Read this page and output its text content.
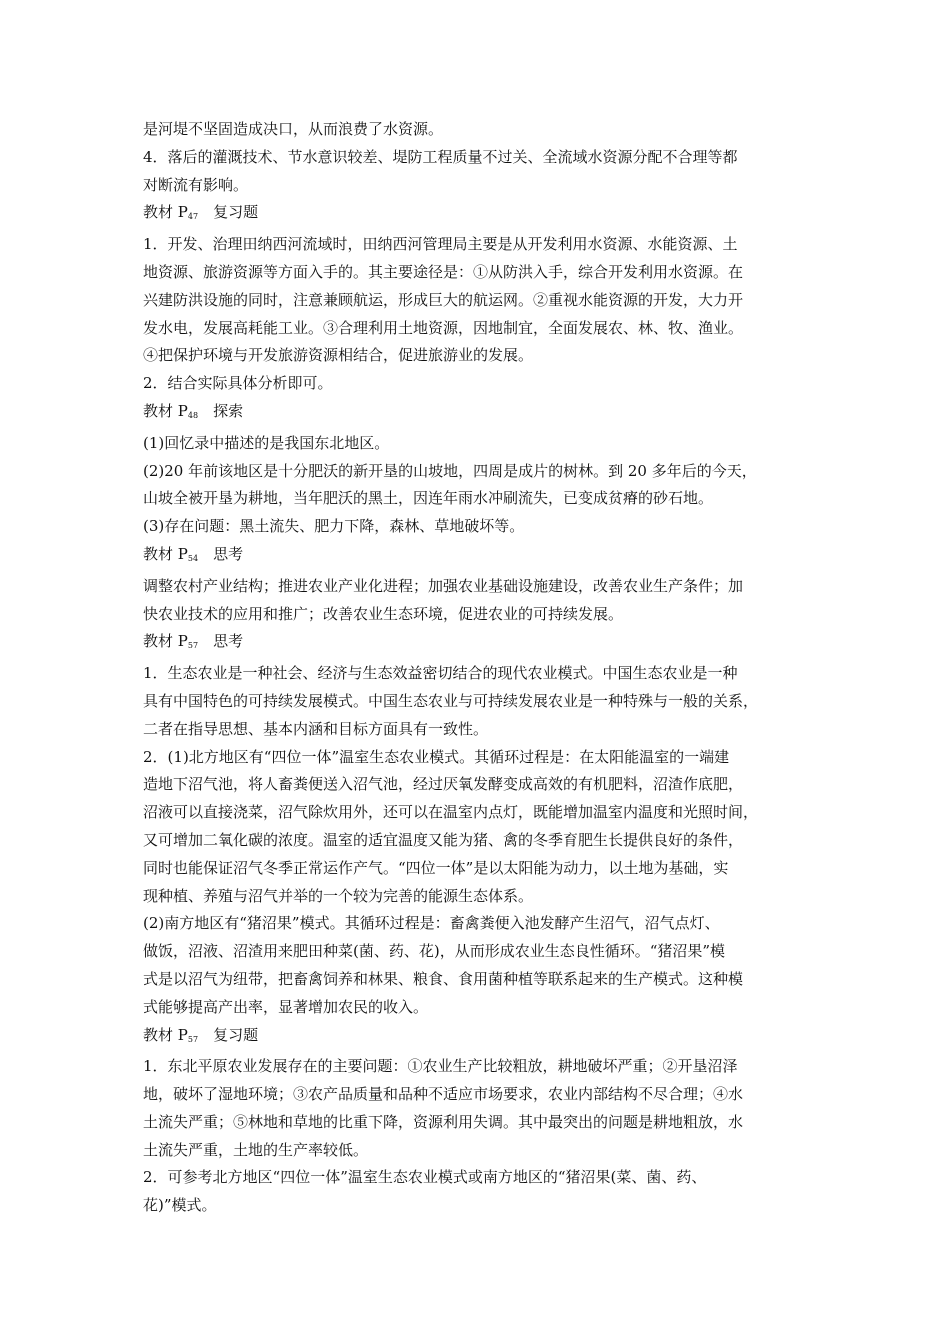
是河堤不坚固造成决口，从而浪费了水资源。

4．落后的灌溉技术、节水意识较差、堤防工程质量不过关、全流域水资源分配不合理等都
对断流有影响。

教材 $P_{47}$　 复习题

1．开发、治理田纳西河流域时，田纳西河管理局主要是从开发利用水资源、水能资源、土
地资源、旅游资源等方面入手的。其主要途径是：①从防洪入手，综合开发利用水资源。在
兴建防洪设施的同时，注意兼顾航运，形成巨大的航运网。②重视水能资源的开发，大力开
发水电，发展高耗能工业。③合理利用土地资源，因地制宜，全面发展农、林、牧、渔业。
④把保护环境与开发旅游资源相结合，促进旅游业的发展。

2．结合实际具体分析即可。

教材 $P_{48}$　 探索

(1)回忆录中描述的是我国东北地区。

(2)20 年前该地区是十分肥沃的新开垦的山坡地，四周是成片的树林。到 20 多年后的今天，
山坡全被开垦为耕地，当年肥沃的黑土，因连年雨水冲刷流失，已变成贫瘠的砂石地。

(3)存在问题：黑土流失、肥力下降，森林、草地破坏等。

教材 $P_{54}$　 思考

调整农村产业结构；推进农业产业化进程；加强农业基础设施建设，改善农业生产条件；加
快农业技术的应用和推广；改善农业生态环境，促进农业的可持续发展。

教材 $P_{57}$　 思考

1．生态农业是一种社会、经济与生态效益密切结合的现代农业模式。中国生态农业是一种
具有中国特色的可持续发展模式。中国生态农业与可持续发展农业是一种特殊与一般的关系，
二者在指导思想、基本内涵和目标方面具有一致性。

2．(1)北方地区有“四位一体”温室生态农业模式。其循环过程是：在太阳能温室的一端建
造地下沼气池，将人畜粪便送入沼气池，经过厌氧发酵变成高效的有机肥料，沼渣作底肥，
沼液可以直接浇菜，沼气除炊用外，还可以在温室内点灯，既能增加温室内温度和光照时间，
又可增加二氧化碳的浓度。温室的适宜温度又能为猪、禽的冬季育肥生长提供良好的条件，
同时也能保证沼气冬季正常运作产气。“四位一体”是以太阳能为动力，以土地为基础，实
现种植、养殖与沼气并举的一个较为完善的能源生态体系。

(2)南方地区有“猪沼果”模式。其循环过程是：畜禽粪便入池发酵产生沼气，沼气点灯、
做饭，沼液、沼渣用来肥田种菜(菌、药、花)，从而形成农业生态良性循环。“猪沼果”模
式是以沼气为纽带，把畜禽饲养和林果、粮食、食用菌种植等联系起来的生产模式。这种模
式能够提高产出率，显著增加农民的收入。

教材 $P_{57}$　 复习题

1．东北平原农业发展存在的主要问题：①农业生产比较粗放，耕地破坏严重；②开垦沼泽
地，破坏了湿地环境；③农产品质量和品种不适应市场要求，农业内部结构不尽合理；④水
土流失严重；⑤林地和草地的比重下降，资源利用失调。其中最突出的问题是耕地粗放，水
土流失严重，土地的生产率较低。

2．可参考北方地区“四位一体”温室生态农业模式或南方地区的“猪沼果(菜、菌、药、
花)”模式。
